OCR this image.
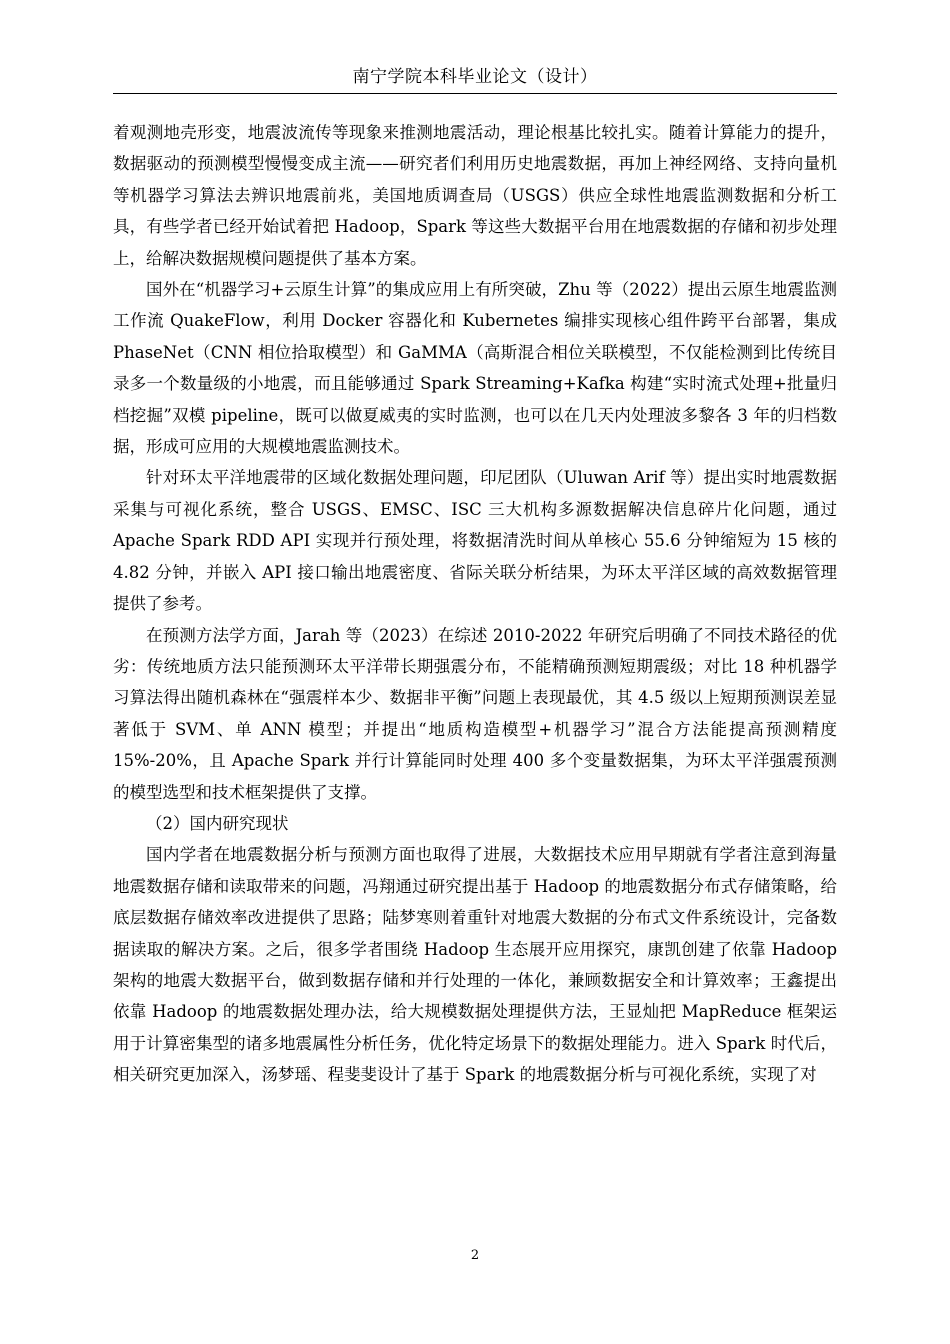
南宁学院本科毕业论文（设计）

着观测地壳形变，地震波流传等现象来推测地震活动，理论根基比较扎实。随着计算能力的提升，数据驱动的预测模型慢慢变成主流——研究者们利用历史地震数据，再加上神经网络、支持向量机等机器学习算法去辨识地震前兆，美国地质调查局（USGS）供应全球性地震监测数据和分析工具，有些学者已经开始试着把 Hadoop，Spark 等这些大数据平台用在地震数据的存储和初步处理上，给解决数据规模问题提供了基本方案。

国外在“机器学习+云原生计算”的集成应用上有所突破，Zhu 等（2022）提出云原生地震监测工作流 QuakeFlow，利用 Docker 容器化和 Kubernetes 编排实现核心组件跨平台部署，集成 PhaseNet（CNN 相位拾取模型）和 GaMMA（高斯混合相位关联模型，不仅能检测到比传统目录多一个数量级的小地震，而且能够通过 Spark Streaming+Kafka 构建“实时流式处理+批量归档挖掘”双模 pipeline，既可以做夏威夷的实时监测，也可以在几天内处理波多黎各 3 年的归档数据，形成可应用的大规模地震监测技术。

针对环太平洋地震带的区域化数据处理问题，印尼团队（Uluwan Arif 等）提出实时地震数据采集与可视化系统，整合 USGS、EMSC、ISC 三大机构多源数据解决信息碎片化问题，通过 Apache Spark RDD API 实现并行预处理，将数据清洗时间从单核心 55.6 分钟缩短为 15 核的 4.82 分钟，并嵌入 API 接口输出地震密度、省际关联分析结果，为环太平洋区域的高效数据管理提供了参考。

在预测方法学方面，Jarah 等（2023）在综述 2010-2022 年研究后明确了不同技术路径的优劣：传统地质方法只能预测环太平洋带长期强震分布，不能精确预测短期震级；对比 18 种机器学习算法得出随机森林在“强震样本少、数据非平衡”问题上表现最优，其 4.5 级以上短期预测误差显著低于 SVM、单 ANN 模型；并提出“地质构造模型+机器学习”混合方法能提高预测精度 15%-20%，且 Apache Spark 并行计算能同时处理 400 多个变量数据集，为环太平洋强震预测的模型选型和技术框架提供了支撑。

（2）国内研究现状

国内学者在地震数据分析与预测方面也取得了进展，大数据技术应用早期就有学者注意到海量地震数据存储和读取带来的问题，冯翔通过研究提出基于 Hadoop 的地震数据分布式存储策略，给底层数据存储效率改进提供了思路；陆梦寒则着重针对地震大数据的分布式文件系统设计，完备数据读取的解决方案。之后，很多学者围绕 Hadoop 生态展开应用探究，康凯创建了依靠 Hadoop 架构的地震大数据平台，做到数据存储和并行处理的一体化，兼顾数据安全和计算效率；王鑫提出依靠 Hadoop 的地震数据处理办法，给大规模数据处理提供方法，王显灿把 MapReduce 框架运用于计算密集型的诸多地震属性分析任务，优化特定场景下的数据处理能力。进入 Spark 时代后，相关研究更加深入，汤梦瑶、程斐斐设计了基于 Spark 的地震数据分析与可视化系统，实现了对

2
